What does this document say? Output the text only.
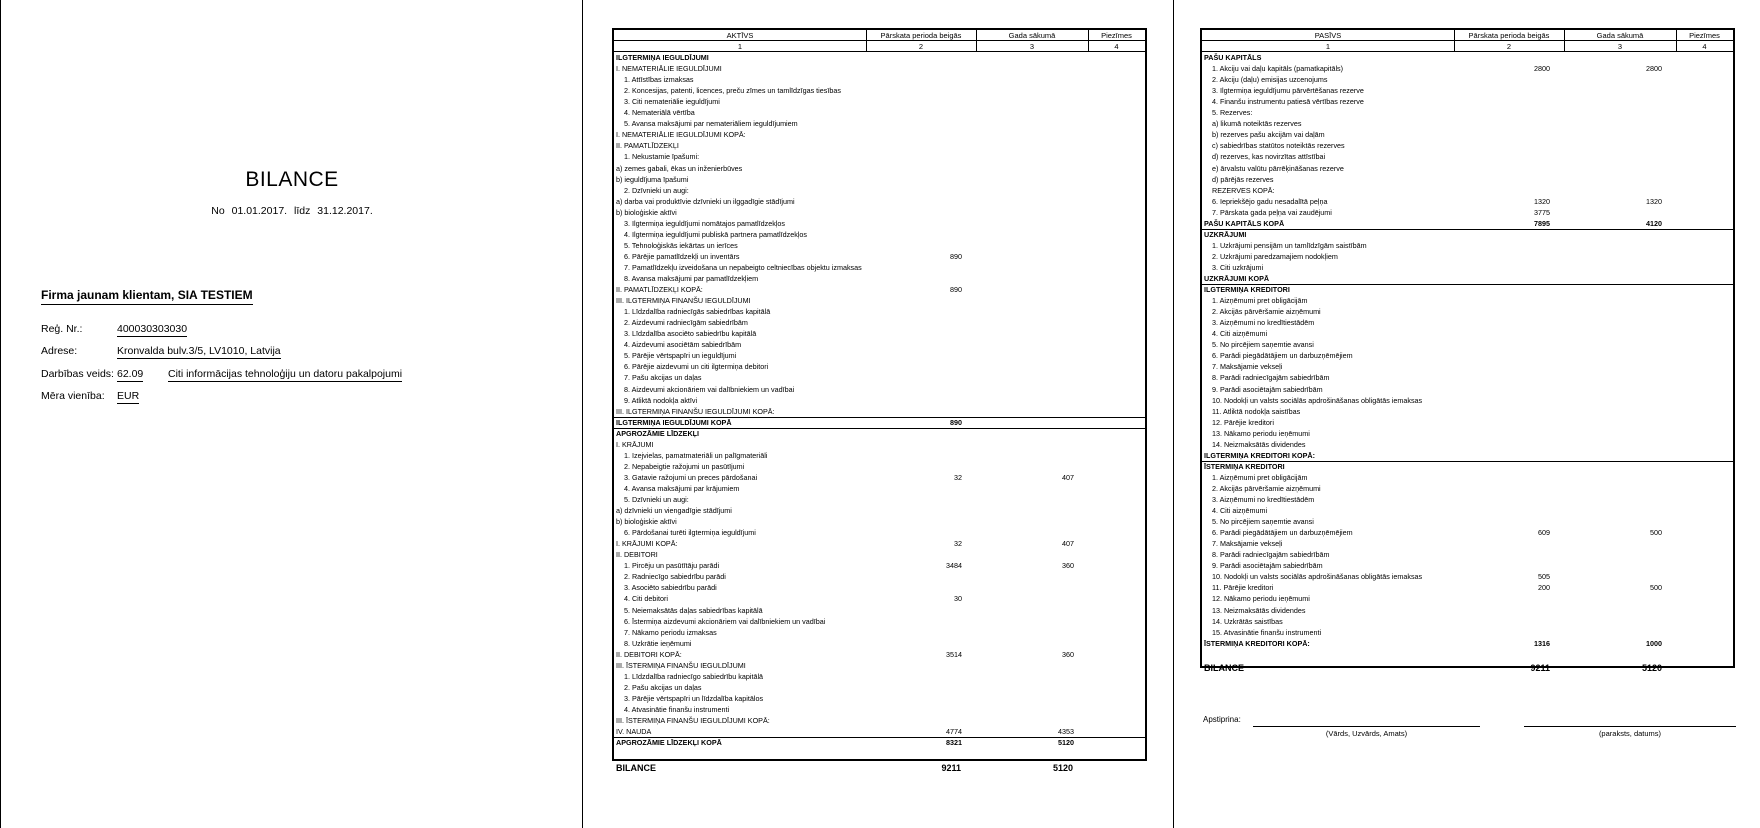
BILANCE
No 01.01.2017. līdz 31.12.2017.
Firma jaunam klientam, SIA TESTIEM
Reģ. Nr.:	400030303030
Adrese:	Kronvalda bulv.3/5, LV1010, Latvija
Darbības veids: 62.09 Citi informācijas tehnoloģiju un datoru pakalpojumi
Mēra vienība:	EUR
AKTĪVS	Pārskata perioda beigās	Gada sākumā	Piezīmes
1	2	3	4
ILGTERMIŅA IEGULDĪJUMI
I. NEMATERIĀLIE IEGULDĪJUMI
1. Attīstības izmaksas
2. Koncesijas, patenti, licences, preču zīmes un tamlīdzīgas tiesības
3. Citi nemateriālie ieguldījumi
4. Nemateriālā vērtība
5. Avansa maksājumi par nemateriāliem ieguldījumiem
I. NEMATERIĀLIE IEGULDĪJUMI KOPĀ:
II. PAMATLĪDZEKĻI
1. Nekustamie īpašumi:
a) zemes gabali, ēkas un inženierbūves
b) ieguldījuma īpašumi
2. Dzīvnieki un augi:
a) darba vai produktīvie dzīvnieki un ilggadīgie stādījumi
b) bioloģiskie aktīvi
3. Ilgtermiņa ieguldījumi nomātajos pamatlīdzekļos
4. Ilgtermiņa ieguldījumi publiskā partnera pamatlīdzekļos
5. Tehnoloģiskās iekārtas un ierīces
6. Pārējie pamatlīdzekļi un inventārs	890
7. Pamatlīdzekļu izveidošana un nepabeigto celtniecības objektu izmaksas
8. Avansa maksājumi par pamatlīdzekļiem
II. PAMATLĪDZEKĻI KOPĀ:	890
III. ILGTERMIŅA FINANŠU IEGULDĪJUMI
1. Līdzdalība radniecīgās sabiedrības kapitālā
2. Aizdevumi radniecīgām sabiedrībām
3. Līdzdalība asociēto sabiedrību kapitālā
4. Aizdevumi asociētām sabiedrībām
5. Pārējie vērtspapīri un ieguldījumi
6. Pārējie aizdevumi un citi ilgtermiņa debitori
7. Pašu akcijas un daļas
8. Aizdevumi akcionāriem vai dalībniekiem un vadībai
9. Atliktā nodokļa aktīvi
III. ILGTERMIŅA FINANŠU IEGULDĪJUMI KOPĀ:
ILGTERMIŅA IEGULDĪJUMI KOPĀ	890
APGROZĀMIE LĪDZEKĻI
I. KRĀJUMI
1. Izejvielas, pamatmateriāli un palīgmateriāli
2. Nepabeigtie ražojumi un pasūtījumi
3. Gatavie ražojumi un preces pārdošanai	32	407
4. Avansa maksājumi par krājumiem
5. Dzīvnieki un augi:
a) dzīvnieki un viengadīgie stādījumi
b) bioloģiskie aktīvi
6. Pārdošanai turēti ilgtermiņa ieguldījumi
I. KRĀJUMI KOPĀ:	32	407
II. DEBITORI
1. Pircēju un pasūtītāju parādi	3484	360
2. Radniecīgo sabiedrību parādi
3. Asociēto sabiedrību parādi
4. Citi debitori	30
5. Neiemaksātās daļas sabiedrības kapitālā
6. Īstermiņa aizdevumi akcionāriem vai dalībniekiem un vadībai
7. Nākamo periodu izmaksas
8. Uzkrātie ieņēmumi
II. DEBITORI KOPĀ:	3514	360
III. ĪSTERMIŅA FINANŠU IEGULDĪJUMI
1. Līdzdalība radniecīgo sabiedrību kapitālā
2. Pašu akcijas un daļas
3. Pārējie vērtspapīri un līdzdalība kapitālos
4. Atvasinātie finanšu instrumenti
III. ĪSTERMIŅA FINANŠU IEGULDĪJUMI KOPĀ:
IV. NAUDA	4774	4353
APGROZĀMIE LĪDZEKĻI KOPĀ	8321	5120
BILANCE	9211	5120
PASĪVS	Pārskata perioda beigās	Gada sākumā	Piezīmes
1	2	3	4
PAŠU KAPITĀLS
1. Akciju vai daļu kapitāls (pamatkapitāls)	2800	2800
2. Akciju (daļu) emisijas uzcenojums
3. Ilgtermiņa ieguldījumu pārvērtēšanas rezerve
4. Finanšu instrumentu patiesā vērtības rezerve
5. Rezerves:
a) likumā noteiktās rezerves
b) rezerves pašu akcijām vai daļām
c) sabiedrības statūtos noteiktās rezerves
d) rezerves, kas novirzītas attīstībai
e) ārvalstu valūtu pārrēķināšanas rezerve
d) pārējās rezerves
REZERVES KOPĀ:
6. Iepriekšējo gadu nesadalītā peļņa	1320	1320
7. Pārskata gada peļņa vai zaudējumi	3775
PAŠU KAPITĀLS KOPĀ	7895	4120
UZKRĀJUMI
1. Uzkrājumi pensijām un tamlīdzīgām saistībām
2. Uzkrājumi paredzamajiem nodokļiem
3. Citi uzkrājumi
UZKRĀJUMI KOPĀ
ILGTERMIŅA KREDITORI
1. Aizņēmumi pret obligācijām
2. Akcijās pārvēršamie aizņēmumi
3. Aizņēmumi no kredītiestādēm
4. Citi aizņēmumi
5. No pircējiem saņemtie avansi
6. Parādi piegādātājiem un darbuzņēmējiem
7. Maksājamie vekseļi
8. Parādi radniecīgajām sabiedrībām
9. Parādi asociētajām sabiedrībām
10. Nodokļi un valsts sociālās apdrošināšanas obligātās iemaksas
11. Atliktā nodokļa saistības
12. Pārējie kreditori
13. Nākamo periodu ieņēmumi
14. Neizmaksātās dividendes
ILGTERMIŅA KREDITORI KOPĀ:
ĪSTERMIŅA KREDITORI
1. Aizņēmumi pret obligācijām
2. Akcijās pārvēršamie aizņēmumi
3. Aizņēmumi no kredītiestādēm
4. Citi aizņēmumi
5. No pircējiem saņemtie avansi
6. Parādi piegādātājiem un darbuzņēmējiem	609	500
7. Maksājamie vekseļi
8. Parādi radniecīgajām sabiedrībām
9. Parādi asociētajām sabiedrībām
10. Nodokļi un valsts sociālās apdrošināšanas obligātās iemaksas	505
11. Pārējie kreditori	200	500
12. Nākamo periodu ieņēmumi
13. Neizmaksātās dividendes
14. Uzkrātās saistības
15. Atvasinātie finanšu instrumenti
ĪSTERMIŅA KREDITORI KOPĀ:	1316	1000
BILANCE	9211	5120
Apstiprina:
(Vārds, Uzvārds, Amats)	(paraksts, datums)
